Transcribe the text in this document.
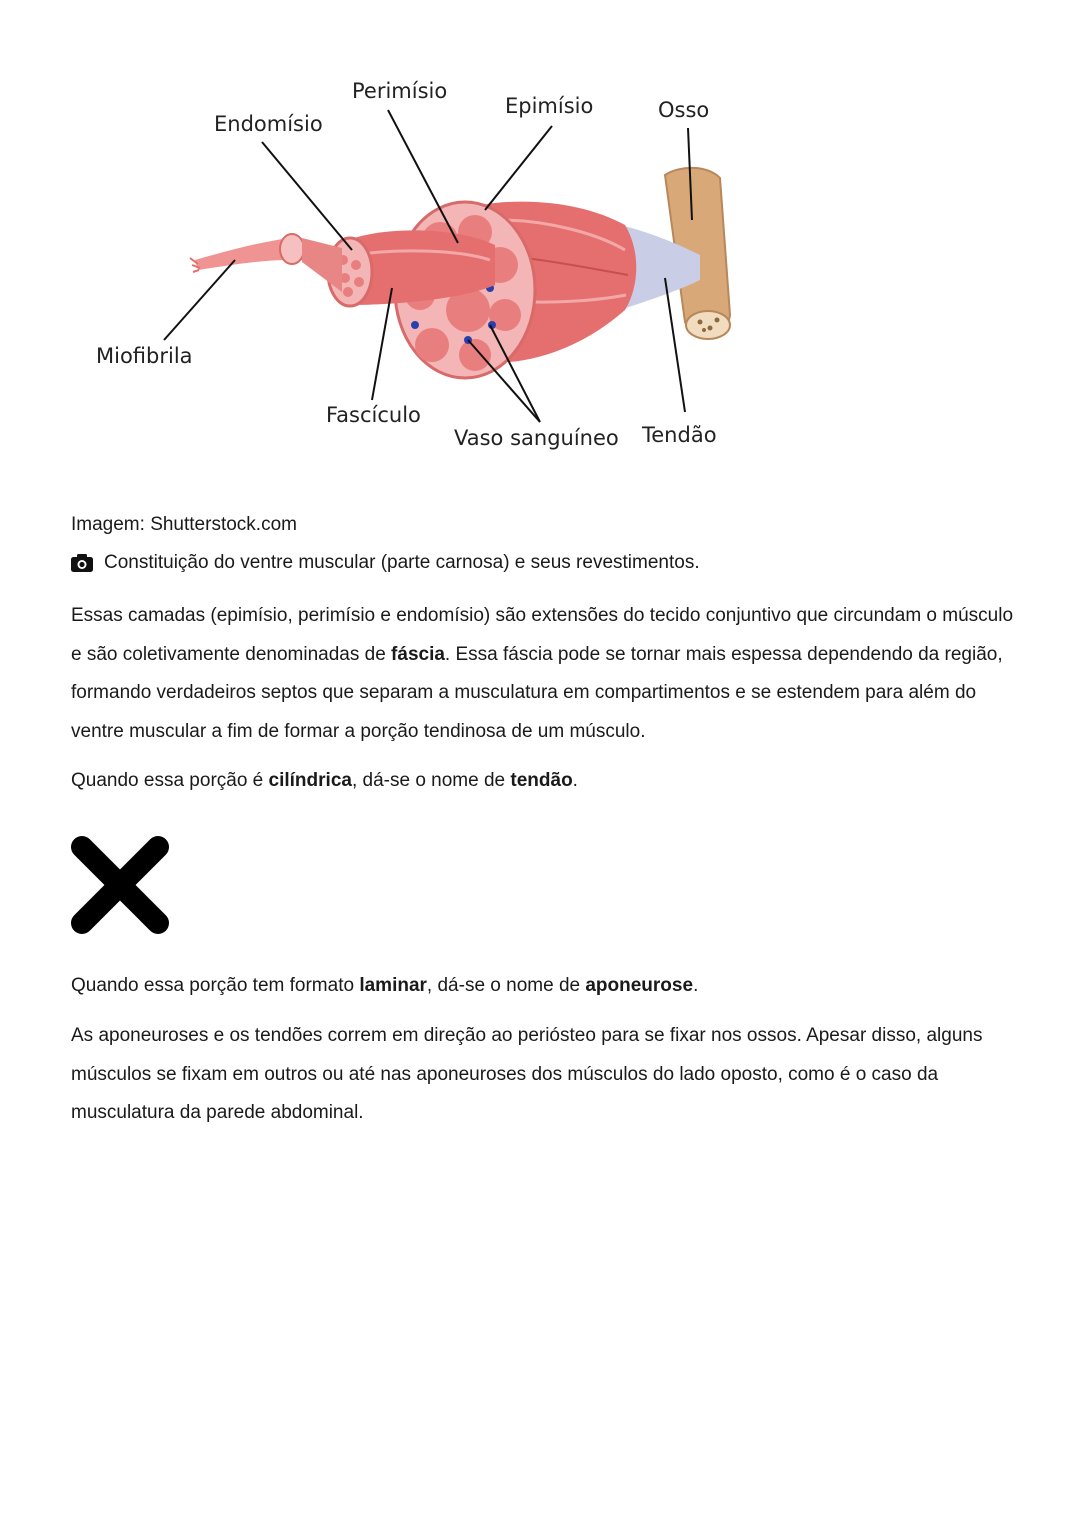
Perimísio
Endomísio
Epimísio	Osso
Miofibrila
Fascículo
Vaso sanguíneo Tendão
Imagem: Shutterstock.com
Constituição do ventre muscular (parte carnosa) e seus revestimentos.

Essas camadas (epimísio, perimísio e endomísio) são extensões do tecido conjuntivo que circundam o músculo e são coletivamente denominadas de fáscia. Essa fáscia pode se tornar mais espessa dependendo da região, formando verdadeiros septos que separam a musculatura em compartimentos e se estendem para além do ventre muscular a fim de formar a porção tendinosa de um músculo.

Quando essa porção é cilíndrica, dá-se o nome de tendão.

Quando essa porção tem formato laminar, dá-se o nome de aponeurose.

As aponeuroses e os tendões correm em direção ao periósteo para se fixar nos ossos. Apesar disso, alguns músculos se fixam em outros ou até nas aponeuroses dos músculos do lado oposto, como é o caso da musculatura da parede abdominal.
